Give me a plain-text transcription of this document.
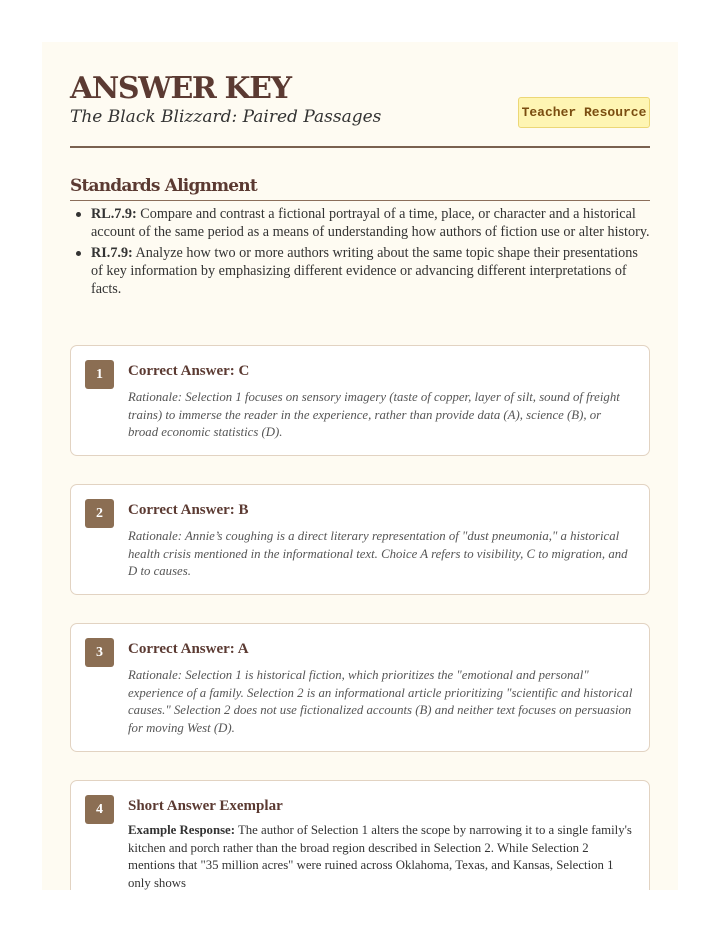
ANSWER KEY
The Black Blizzard: Paired Passages	Teacher Resource
Standards Alignment
RL.7.9: Compare and contrast a fictional portrayal of a time, place, or character and a historical account of the same period as a means of understanding how authors of fiction use or alter history.
RI.7.9: Analyze how two or more authors writing about the same topic shape their presentations of key information by emphasizing different evidence or advancing different interpretations of facts.
1	Correct Answer: C
Rationale: Selection 1 focuses on sensory imagery (taste of copper, layer of silt, sound of freight trains) to immerse the reader in the experience, rather than provide data (A), science (B), or broad economic statistics (D).
2	Correct Answer: B
Rationale: Annie’s coughing is a direct literary representation of "dust pneumonia," a historical health crisis mentioned in the informational text. Choice A refers to visibility, C to migration, and D to causes.
3	Correct Answer: A
Rationale: Selection 1 is historical fiction, which prioritizes the "emotional and personal" experience of a family. Selection 2 is an informational article prioritizing "scientific and historical causes." Selection 2 does not use fictionalized accounts (B) and neither text focuses on persuasion for moving West (D).
4	Short Answer Exemplar
Example Response: The author of Selection 1 alters the scope by narrowing it to a single family's kitchen and porch rather than the broad region described in Selection 2. While Selection 2 mentions that "35 million acres" were ruined across Oklahoma, Texas, and Kansas, Selection 1 only shows
